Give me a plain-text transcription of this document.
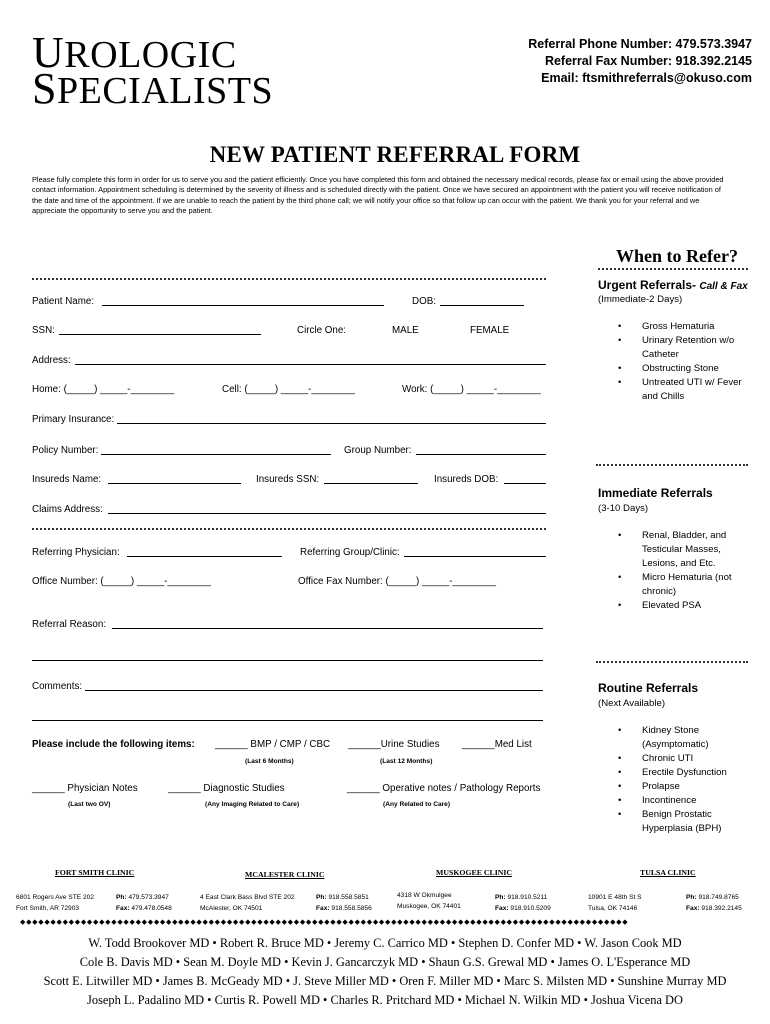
UROLOGIC
SPECIALISTS
Referral Phone Number: 479.573.3947
Referral Fax Number: 918.392.2145
Email: ftsmithreferrals@okuso.com
NEW PATIENT REFERRAL FORM
Please fully complete this form in order for us to serve you and the patient efficiently. Once you have completed this form and obtained the necessary medical records, please fax or email using the above provided contact information. Appointment scheduling is determined by the severity of illness and is scheduled directly with the patient. Once we have secured an appointment with the patient you will receive notification of the date and time of the appointment. If we are unable to reach the patient by the third phone call; we will notify your office so that follow up can occur with the patient. We thank you for your referral and we appreciate the opportunity to serve you and the patient.
Patient Name:	DOB:
SSN:	Circle One:	MALE	FEMALE
Address:
Home: (_____) _____-________	Cell: (_____) _____-________	Work: (_____) _____-________
Primary Insurance:
Policy Number:	Group Number:
Insureds Name:	Insureds SSN:	Insureds DOB:
Claims Address:
Referring Physician:	Referring Group/Clinic:
Office Number: (_____) _____-________	Office Fax Number: (_____) _____-________
Referral Reason:
Comments:
Please include the following items: ______ BMP / CMP / CBC
(Last 6 Months)
______Urine Studies
(Last 12 Months)
______Med List
______ Physician Notes
(Last two OV)
______ Diagnostic Studies
(Any Imaging Related to Care)
______ Operative notes / Pathology Reports
(Any Related to Care)
When to Refer?
Urgent Referrals- Call & Fax
(Immediate-2 Days)
• Gross Hematuria
• Urinary Retention w/o Catheter
• Obstructing Stone
• Untreated UTI w/ Fever and Chills
Immediate Referrals
(3-10 Days)
• Renal, Bladder, and Testicular Masses, Lesions, and Etc.
• Micro Hematuria (not chronic)
• Elevated PSA
Routine Referrals
(Next Available)
• Kidney Stone (Asymptomatic)
• Chronic UTI
• Erectile Dysfunction
• Prolapse
• Incontinence
• Benign Prostatic Hyperplasia (BPH)
FORT SMITH CLINIC	MCALESTER CLINIC	MUSKOGEE CLINIC	TULSA CLINIC
6801 Rogers Ave STE 202
Fort Smith, AR 72903
Ph: 479.573.3947
Fax: 479.478.0548
4 East Clark Bass Blvd STE 202
McAlester, OK 74501
Ph: 918.558.5851
Fax: 918.558.5856
4318 W Okmulgee
Muskogee, OK 74401
Ph: 918.910.5211
Fax: 918.910.5209
10901 E 48th St S
Tulsa, OK 74146
Ph: 918.749.8765
Fax: 918.392.2145
◆◆◆◆◆◆◆◆◆◆◆◆◆◆◆◆◆◆◆◆◆◆◆◆◆◆◆◆◆◆◆◆◆◆◆◆◆◆◆◆◆◆◆◆◆◆◆◆◆◆◆◆◆◆◆◆◆◆◆◆◆◆◆◆◆◆◆◆◆◆◆◆◆◆◆◆◆◆◆◆◆◆◆◆◆◆◆◆◆◆◆◆◆◆◆◆◆◆◆◆
W. Todd Brookover MD • Robert R. Bruce MD • Jeremy C. Carrico MD • Stephen D. Confer MD • W. Jason Cook MD
Cole B. Davis MD • Sean M. Doyle MD • Kevin J. Gancarczyk MD • Shaun G.S. Grewal MD • James O. L'Esperance MD
Scott E. Litwiller MD • James B. McGeady MD • J. Steve Miller MD • Oren F. Miller MD • Marc S. Milsten MD • Sunshine Murray MD
Joseph L. Padalino MD • Curtis R. Powell MD • Charles R. Pritchard MD • Michael N. Wilkin MD • Joshua Vicena DO
